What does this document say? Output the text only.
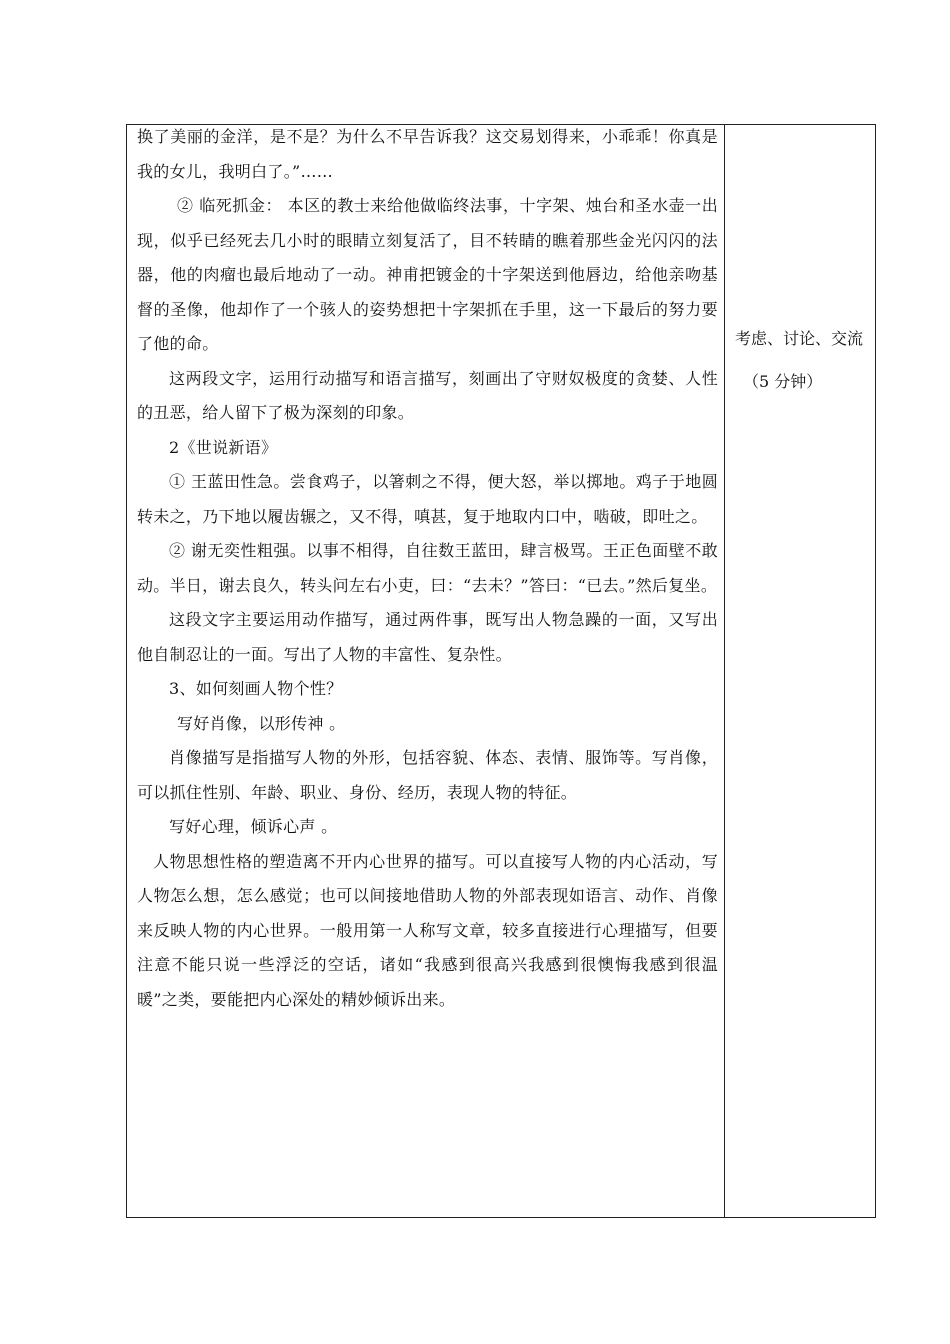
换了美丽的金洋，是不是？为什么不早告诉我？这交易划得来，小乖乖！你真是我的女儿，我明白了。”……

② 临死抓金： 本区的教士来给他做临终法事，十字架、烛台和圣水壶一出现，似乎已经死去几小时的眼睛立刻复活了，目不转睛的瞧着那些金光闪闪的法器，他的肉瘤也最后地动了一动。神甫把镀金的十字架送到他唇边，给他亲吻基督的圣像，他却作了一个骇人的姿势想把十字架抓在手里，这一下最后的努力要了他的命。

这两段文字，运用行动描写和语言描写，刻画出了守财奴极度的贪婪、人性的丑恶，给人留下了极为深刻的印象。

2《世说新语》

① 王蓝田性急。尝食鸡子，以箸刺之不得，便大怒，举以掷地。鸡子于地圆转未之，乃下地以履齿辗之，又不得，嗔甚，复于地取内口中，啮破，即吐之。

② 谢无奕性粗强。以事不相得，自往数王蓝田，肆言极骂。王正色面壁不敢动。半日，谢去良久，转头问左右小吏，曰：“去未？”答曰：“已去。”然后复坐。

这段文字主要运用动作描写，通过两件事，既写出人物急躁的一面，又写出他自制忍让的一面。写出了人物的丰富性、复杂性。

3、如何刻画人物个性？

写好肖像，以形传神 。

肖像描写是指描写人物的外形，包括容貌、体态、表情、服饰等。写肖像，可以抓住性别、年龄、职业、身份、经历，表现人物的特征。

写好心理，倾诉心声 。

人物思想性格的塑造离不开内心世界的描写。可以直接写人物的内心活动，写人物怎么想，怎么感觉；也可以间接地借助人物的外部表现如语言、动作、肖像来反映人物的内心世界。一般用第一人称写文章，较多直接进行心理描写，但要注意不能只说一些浮泛的空话，诸如“我感到很高兴我感到很懊悔我感到很温暖”之类，要能把内心深处的精妙倾诉出来。

考虑、讨论、交流
（5 分钟）
